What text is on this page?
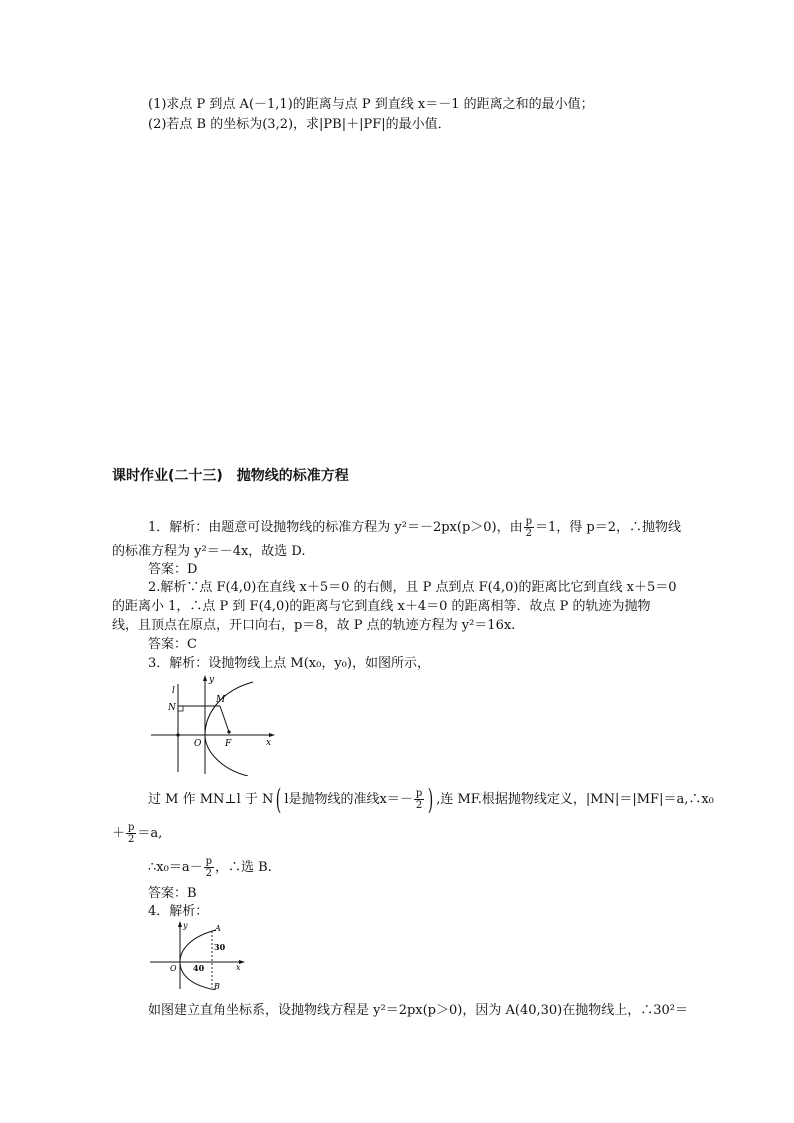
(1)求点 P 到点 A(－1,1)的距离与点 P 到直线 x＝－1 的距离之和的最小值；
(2)若点 B 的坐标为(3,2)，求|PB|＋|PF|的最小值．
课时作业(二十三)　抛物线的标准方程
1．解析：由题意可设抛物线的标准方程为 y²＝－2px(p＞0)，由 $\frac{p}{2} =1$，得 p＝2，∴抛物线
的标准方程为 y²＝－4x，故选 D.
答案：D
2.解析∵点 F(4,0)在直线 x＋5＝0 的右侧，且 P 点到点 F(4,0)的距离比它到直线 x＋5＝0
的距离小 1，∴点 P 到 F(4,0)的距离与它到直线 x＋4＝0 的距离相等．故点 P 的轨迹为抛物
线，且顶点在原点，开口向右，p＝8，故 P 点的轨迹方程为 y²＝16x.
答案：C
3．解析：设抛物线上点 M(x₀，y₀)，如图所示，
l
y
M
N
O	F	x
过 M 作 MN⊥l 于 N( l是抛物线的准线$x=- \frac{p}{2}$ ) ,连 MF.根据抛物线定义，|MN|＝|MF|＝a,∴x₀
＋ $\frac{p}{2} =a$,
∴x₀＝a－ $\frac{p}{2}$ ，∴选 B.
答案：B
4．解析：
y	A
30
O 40	x
B
如图建立直角坐标系，设抛物线方程是 y²＝2px(p＞0)，因为 A(40,30)在抛物线上，∴30²＝
